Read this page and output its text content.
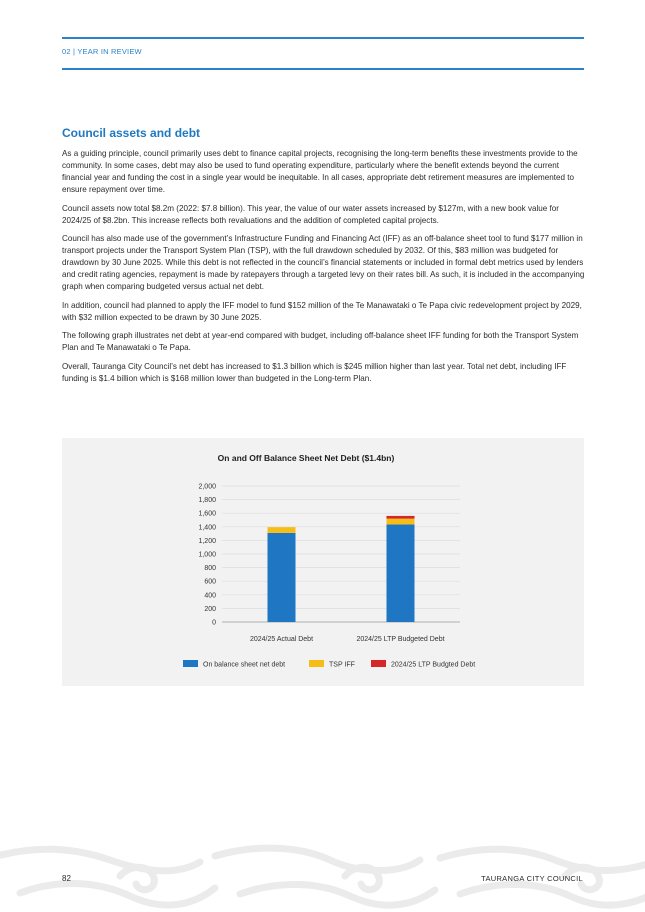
02 | YEAR IN REVIEW
Council assets and debt

As a guiding principle, council primarily uses debt to finance capital projects, recognising the long-term benefits these investments provide to the community. In some cases, debt may also be used to fund operating expenditure, particularly where the benefit extends beyond the current financial year and funding the cost in a single year would be inequitable. In all cases, appropriate debt retirement measures are implemented to ensure repayment over time.

Council assets now total $8.2m (2022: $7.8 billion). This year, the value of our water assets increased by $127m, with a new book value for 2024/25 of $8.2bn. This increase reflects both revaluations and the addition of completed capital projects.

Council has also made use of the government’s Infrastructure Funding and Financing Act (IFF) as an off-balance sheet tool to fund $177 million in transport projects under the Transport System Plan (TSP), with the full drawdown scheduled by 2032. Of this, $83 million was budgeted for drawdown by 30 June 2025. While this debt is not reflected in the council’s financial statements or included in formal debt metrics used by lenders and credit rating agencies, repayment is made by ratepayers through a targeted levy on their rates bill. As such, it is included in the accompanying graph when comparing budgeted versus actual net debt.

In addition, council had planned to apply the IFF model to fund $152 million of the Te Manawataki o Te Papa civic redevelopment project by 2029, with $32 million expected to be drawn by 30 June 2025.

The following graph illustrates net debt at year-end compared with budget, including off-balance sheet IFF funding for both the Transport System Plan and Te Manawataki o Te Papa.

Overall, Tauranga City Council’s net debt has increased to $1.3 billion which is $245 million higher than last year. Total net debt, including IFF funding is $1.4 billion which is $168 million lower than budgeted in the Long-term Plan.

On and Off Balance Sheet Net Debt ($1.4bn)
2,000
1,800
1,600
1,400
1,200
1,000
800
600
400
200
0
2024/25 Actual Debt	2024/25 LTP Budgeted Debt
On balance sheet net debt	TSP IFF	2024/25 LTP Budgted Debt
82	TAURANGA CITY COUNCIL
